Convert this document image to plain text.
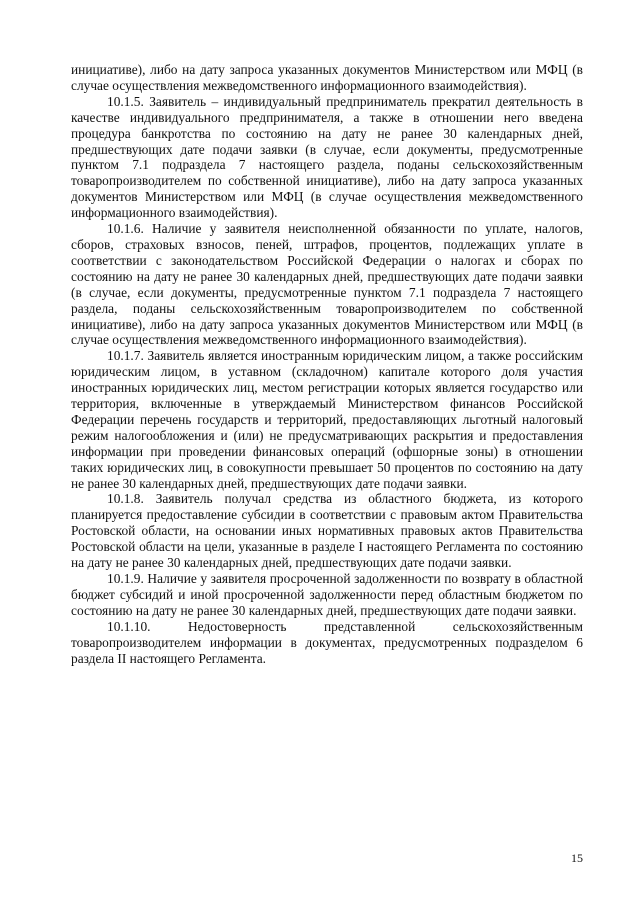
инициативе), либо на дату запроса указанных документов Министерством или МФЦ (в случае осуществления межведомственного информационного взаимодействия).

10.1.5. Заявитель – индивидуальный предприниматель прекратил деятельность в качестве индивидуального предпринимателя, а также в отношении него введена процедура банкротства по состоянию на дату не ранее 30 календарных дней, предшествующих дате подачи заявки (в случае, если документы, предусмотренные пунктом 7.1 подраздела 7 настоящего раздела, поданы сельскохозяйственным товаропроизводителем по собственной инициативе), либо на дату запроса указанных документов Министерством или МФЦ (в случае осуществления межведомственного информационного взаимодействия).

10.1.6. Наличие у заявителя неисполненной обязанности по уплате, налогов, сборов, страховых взносов, пеней, штрафов, процентов, подлежащих уплате в соответствии с законодательством Российской Федерации о налогах и сборах по состоянию на дату не ранее 30 календарных дней, предшествующих дате подачи заявки (в случае, если документы, предусмотренные пунктом 7.1 подраздела 7 настоящего раздела, поданы сельскохозяйственным товаропроизводителем по собственной инициативе), либо на дату запроса указанных документов Министерством или МФЦ (в случае осуществления межведомственного информационного взаимодействия).

10.1.7. Заявитель является иностранным юридическим лицом, а также российским юридическим лицом, в уставном (складочном) капитале которого доля участия иностранных юридических лиц, местом регистрации которых является государство или территория, включенные в утверждаемый Министерством финансов Российской Федерации перечень государств и территорий, предоставляющих льготный налоговый режим налогообложения и (или) не предусматривающих раскрытия и предоставления информации при проведении финансовых операций (офшорные зоны) в отношении таких юридических лиц, в совокупности превышает 50 процентов по состоянию на дату не ранее 30 календарных дней, предшествующих дате подачи заявки.

10.1.8. Заявитель получал средства из областного бюджета, из которого планируется предоставление субсидии в соответствии с правовым актом Правительства Ростовской области, на основании иных нормативных правовых актов Правительства Ростовской области на цели, указанные в разделе I настоящего Регламента по состоянию на дату не ранее 30 календарных дней, предшествующих дате подачи заявки.

10.1.9. Наличие у заявителя просроченной задолженности по возврату в областной бюджет субсидий и иной просроченной задолженности перед областным бюджетом по состоянию на дату не ранее 30 календарных дней, предшествующих дате подачи заявки.

10.1.10. Недостоверность представленной сельскохозяйственным товаропроизводителем информации в документах, предусмотренных подразделом 6 раздела II настоящего Регламента.

15
